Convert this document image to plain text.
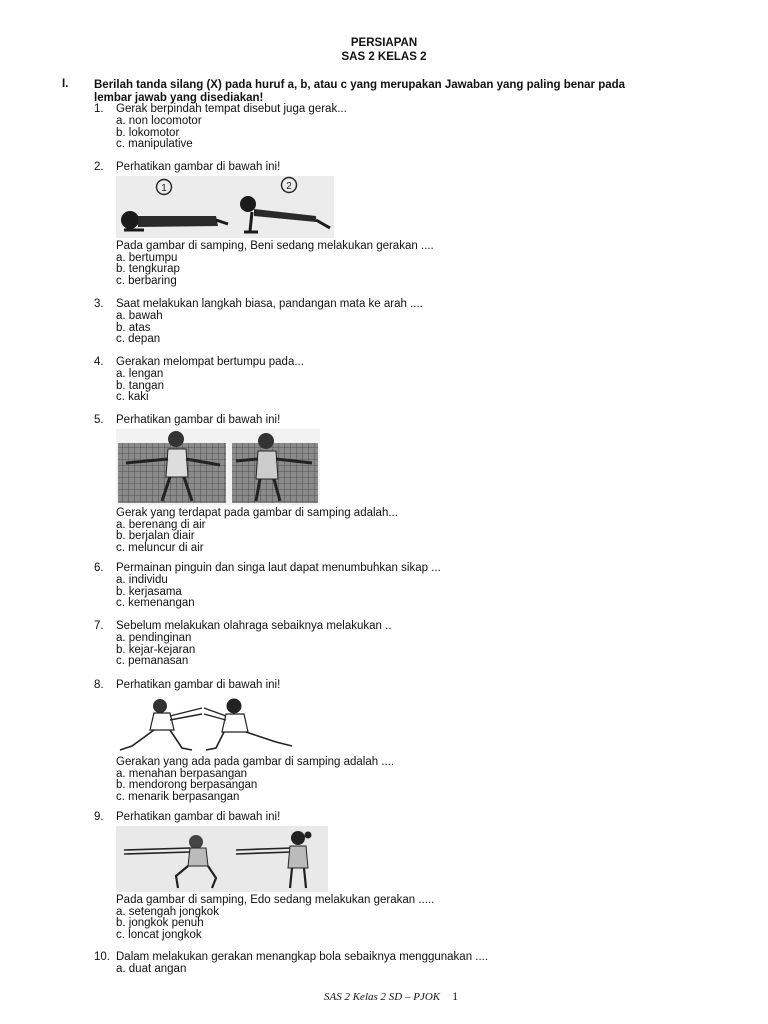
PERSIAPAN
SAS 2 KELAS 2
I. Berilah tanda silang (X) pada huruf a, b, atau c yang merupakan Jawaban yang paling benar pada
lembar jawab yang disediakan!
1.	Gerak berpindah tempat disebut juga gerak...
a. non locomotor
b. lokomotor
c. manipulative
2.	Perhatikan gambar di bawah ini!
1	2
Pada gambar di samping, Beni sedang melakukan gerakan ....
a. bertumpu
b. tengkurap
c. berbaring
3.	Saat melakukan langkah biasa, pandangan mata ke arah ....
a. bawah
b. atas
c. depan
4.	Gerakan melompat bertumpu pada...
a. lengan
b. tangan
c. kaki
5.	Perhatikan gambar di bawah ini!
Gerak yang terdapat pada gambar di samping adalah...
a. berenang di air
b. berjalan diair
c. meluncur di air
6.	Permainan pinguin dan singa laut dapat menumbuhkan sikap ...
a. individu
b. kerjasama
c. kemenangan
7.	Sebelum melakukan olahraga sebaiknya melakukan ..
a. pendinginan
b. kejar-kejaran
c. pemanasan
8.	Perhatikan gambar di bawah ini!
Gerakan yang ada pada gambar di samping adalah ....
a. menahan berpasangan
b. mendorong berpasangan
c. menarik berpasangan
9.	Perhatikan gambar di bawah ini!
Pada gambar di samping, Edo sedang melakukan gerakan .....
a. setengah jongkok
b. jongkok penuh
c. loncat jongkok
10. Dalam melakukan gerakan menangkap bola sebaiknya menggunakan ....
a. duat angan
SAS 2 Kelas 2 SD – PJOK 1
